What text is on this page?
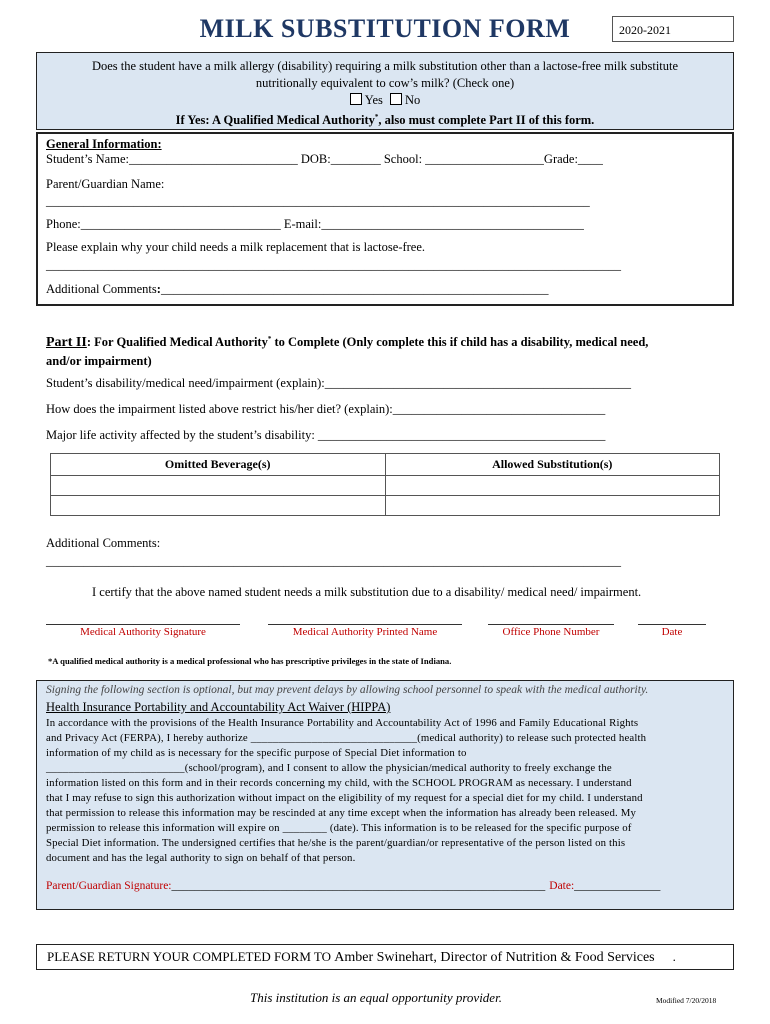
MILK SUBSTITUTION FORM	2020-2021
Does the student have a milk allergy (disability) requiring a milk substitution other than a lactose-free milk substitute
nutritionally equivalent to cow’s milk? (Check one)
Yes No
If Yes: A Qualified Medical Authority*, also must complete Part II of this form.
General Information:
Student’s Name:___________________________ DOB:________ School: ___________________Grade:____
Parent/Guardian Name:
_______________________________________________________________________________________
Phone:________________________________ E-mail:__________________________________________
Please explain why your child needs a milk replacement that is lactose-free.
____________________________________________________________________________________________
Additional Comments:______________________________________________________________
Part II: For Qualified Medical Authority* to Complete (Only complete this if child has a disability, medical need,
and/or impairment)
Student’s disability/medical need/impairment (explain):_________________________________________________
How does the impairment listed above restrict his/her diet? (explain):__________________________________
Major life activity affected by the student’s disability: ______________________________________________
Omitted Beverage(s)	Allowed Substitution(s)

Additional Comments:
____________________________________________________________________________________________
I certify that the above named student needs a milk substitution due to a disability/ medical need/ impairment.
Medical Authority Signature	Medical Authority Printed Name	Office Phone Number	Date
*A qualified medical authority is a medical professional who has prescriptive privileges in the state of Indiana.
Signing the following section is optional, but may prevent delays by allowing school personnel to speak with the medical authority.
Health Insurance Portability and Accountability Act Waiver (HIPPA)
In accordance with the provisions of the Health Insurance Portability and Accountability Act of 1996 and Family Educational Rights
and Privacy Act (FERPA), I hereby authorize ______________________________(medical authority) to release such protected health
information of my child as is necessary for the specific purpose of Special Diet information to
_________________________(school/program), and I consent to allow the physician/medical authority to freely exchange the
information listed on this form and in their records concerning my child, with the SCHOOL PROGRAM as necessary. I understand
that I may refuse to sign this authorization without impact on the eligibility of my request for a special diet for my child. I understand
that permission to release this information may be rescinded at any time except when the information has already been released. My
permission to release this information will expire on ________ (date). This information is to be released for the specific purpose of
Special Diet information. The undersigned certifies that he/she is the parent/guardian/or representative of the person listed on this
document and has the legal authority to sign on behalf of that person.
Parent/Guardian Signature:_________________________________________________________________ Date:_______________
PLEASE RETURN YOUR COMPLETED FORM TO Amber Swinehart, Director of Nutrition & Food Services .
This institution is an equal opportunity provider.	Modified 7/20/2018
